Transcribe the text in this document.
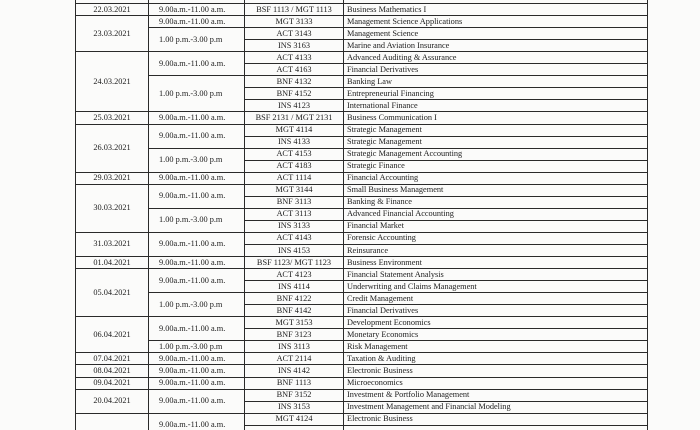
22.03.2021	9.00a.m.-11.00 a.m.	BSF 1113 / MGT 1113	Business Mathematics I
23.03.2021	9.00a.m.-11.00 a.m.	MGT 3133	Management Science Applications
	1.00 p.m.-3.00 p.m	ACT 3143	Management Science
		INS 3163	Marine and Aviation Insurance
24.03.2021	9.00a.m.-11.00 a.m.	ACT 4133	Advanced Auditing & Assurance
		ACT 4163	Financial Derivatives
	1.00 p.m.-3.00 p.m	BNF 4132	Banking Law
		BNF 4152	Entrepreneurial Financing
		INS 4123	International Finance
25.03.2021	9.00a.m.-11.00 a.m.	BSF 2131 / MGT 2131	Business Communication I
26.03.2021	9.00a.m.-11.00 a.m.	MGT 4114	Strategic Management
		INS 4133	Strategic Management
	1.00 p.m.-3.00 p.m	ACT 4153	Strategic Management Accounting
		ACT 4183	Strategic Finance
29.03.2021	9.00a.m.-11.00 a.m.	ACT 1114	Financial Accounting
30.03.2021	9.00a.m.-11.00 a.m.	MGT 3144	Small Business Management
		BNF 3113	Banking & Finance
	1.00 p.m.-3.00 p.m	ACT 3113	Advanced Financial Accounting
		INS 3133	Financial Market
31.03.2021	9.00a.m.-11.00 a.m.	ACT 4143	Forensic Accounting
		INS 4153	Reinsurance
01.04.2021	9.00a.m.-11.00 a.m.	BSF 1123/ MGT 1123	Business Environment
05.04.2021	9.00a.m.-11.00 a.m.	ACT 4123	Financial Statement Analysis
		INS 4114	Underwriting and Claims Management
	1.00 p.m.-3.00 p.m	BNF 4122	Credit Management
		BNF 4142	Financial Derivatives
06.04.2021	9.00a.m.-11.00 a.m.	MGT 3153	Development Economics
		BNF 3123	Monetary Economics
	1.00 p.m.-3.00 p.m	INS 3113	Risk Management
07.04.2021	9.00a.m.-11.00 a.m.	ACT 2114	Taxation & Auditing
08.04.2021	9.00a.m.-11.00 a.m.	INS 4142	Electronic Business
09.04.2021	9.00a.m.-11.00 a.m.	BNF 1113	Microeconomics
20.04.2021	9.00a.m.-11.00 a.m.	BNF 3152	Investment & Portfolio Management
		INS 3153	Investment Management and Financial Modeling
	9.00a.m.-11.00 a.m.	MGT 4124	Electronic Business
